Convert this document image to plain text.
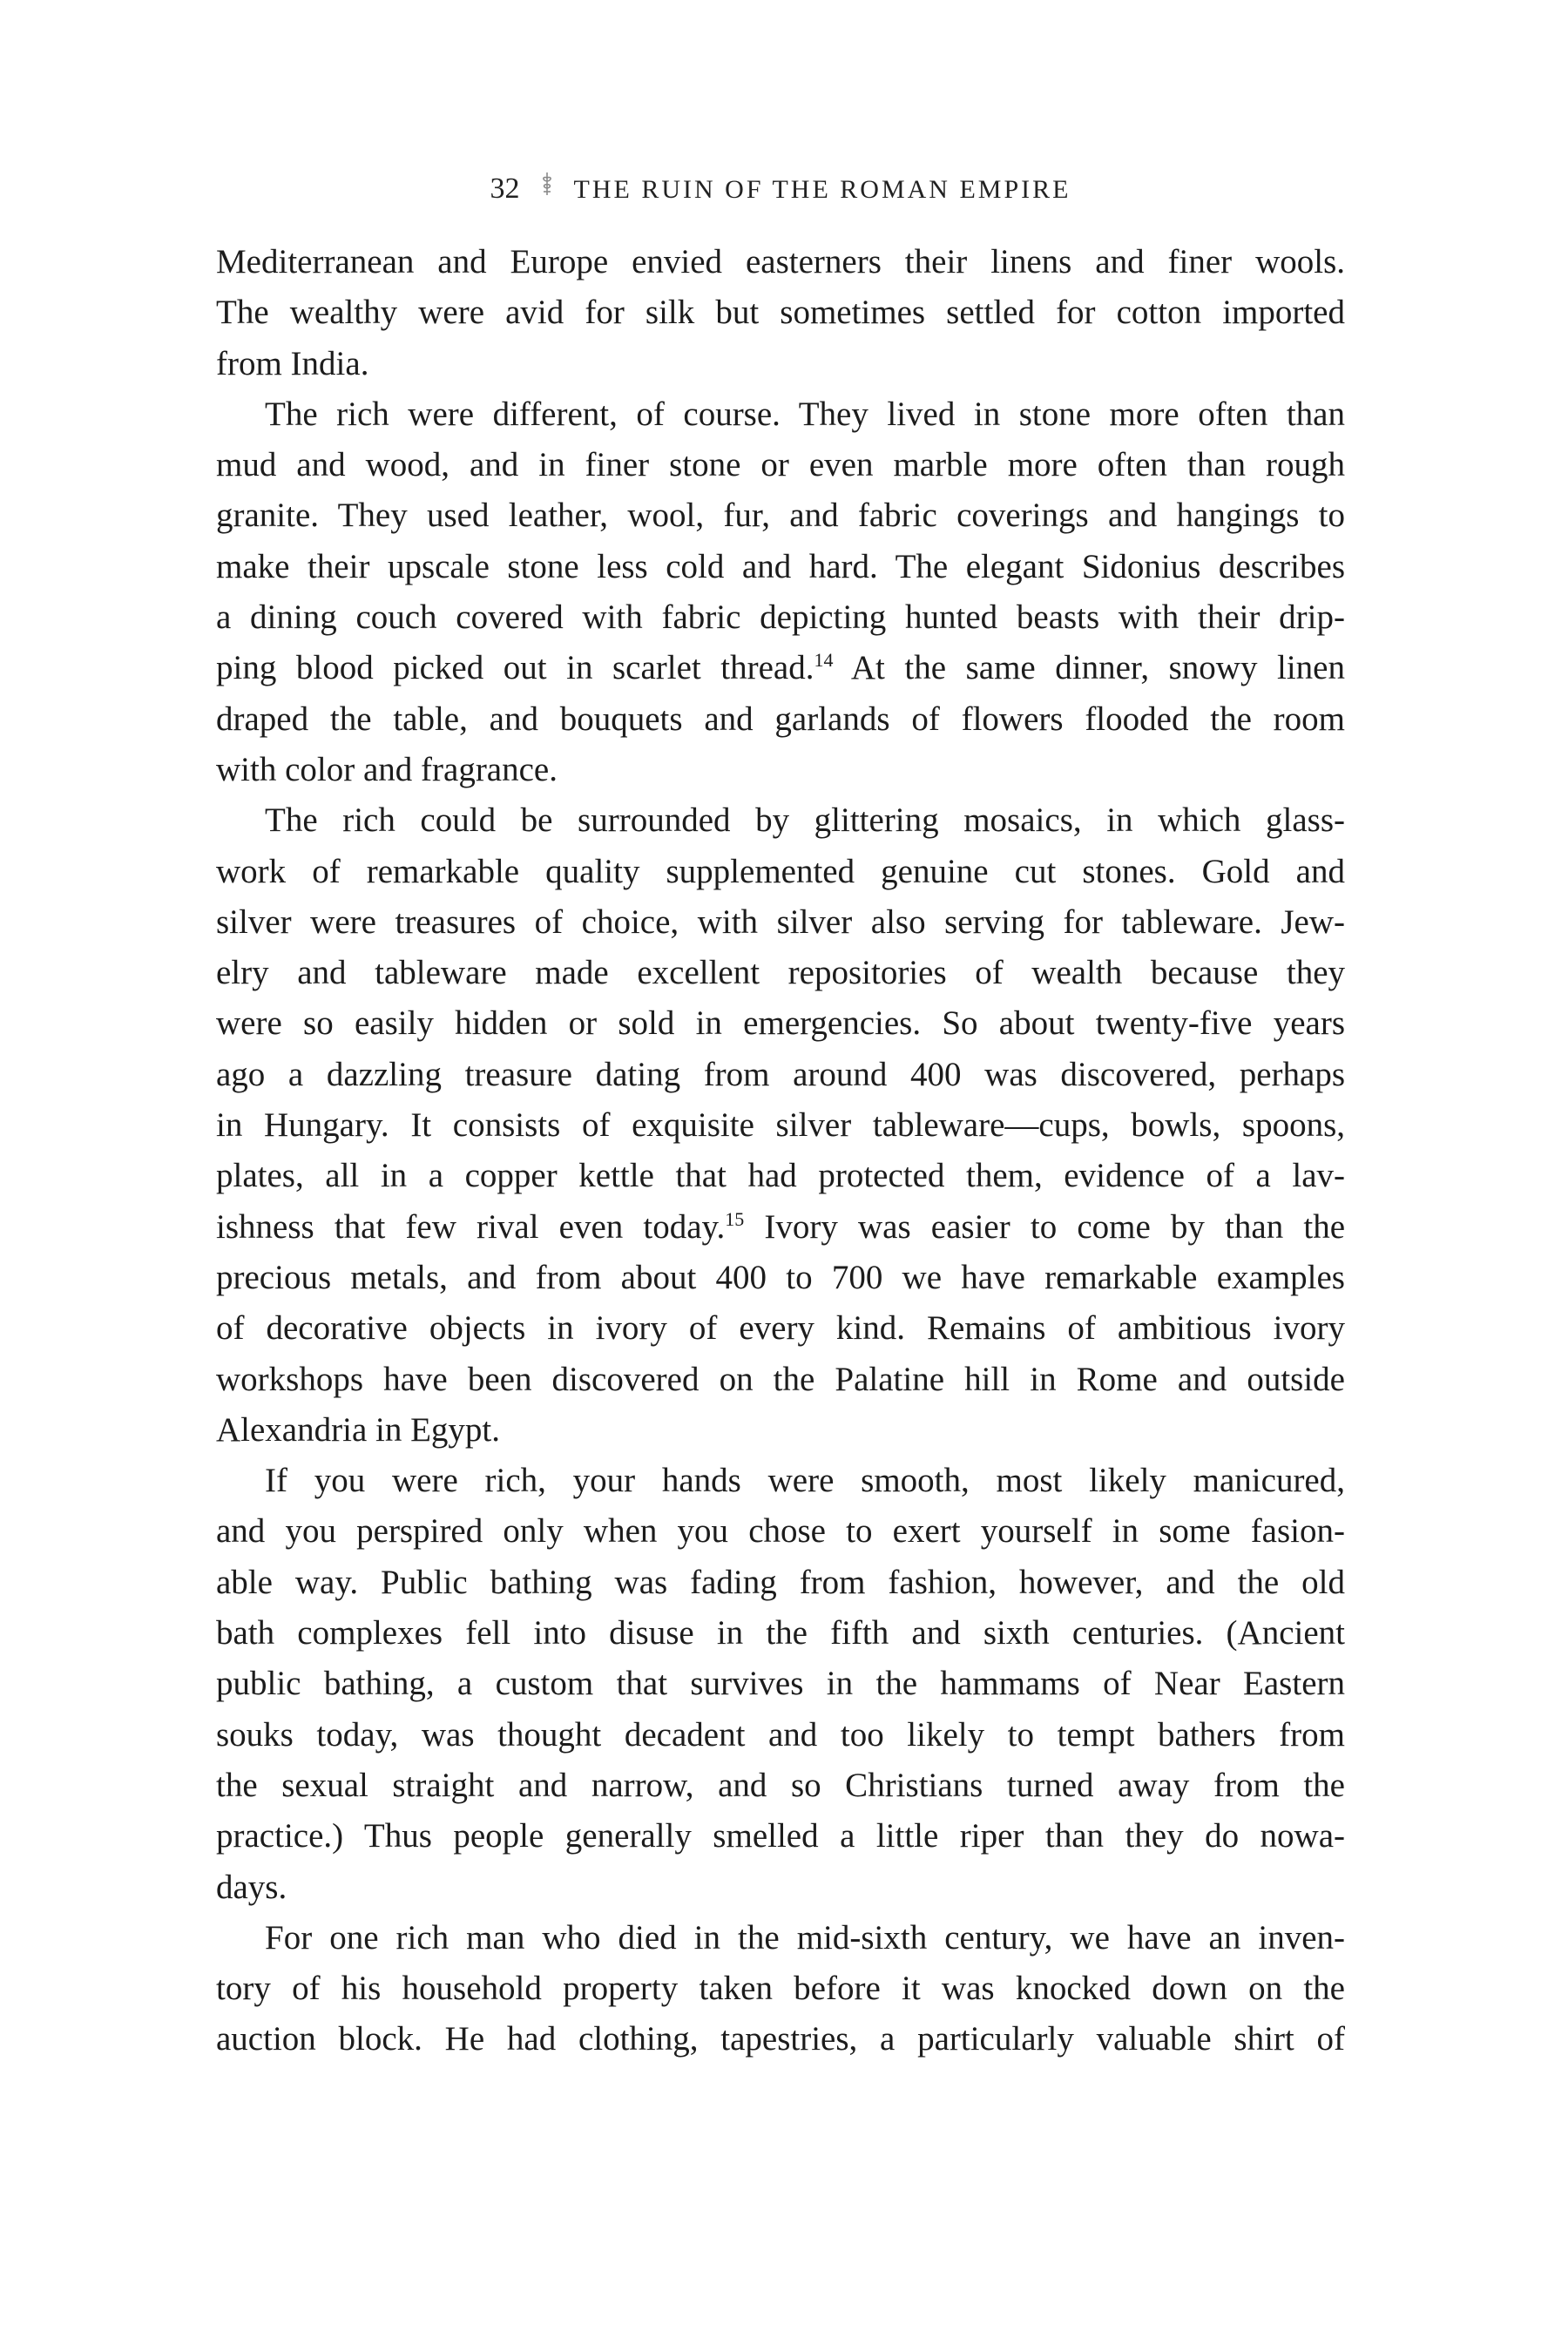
32 THE RUIN OF THE ROMAN EMPIRE

Mediterranean and Europe envied easterners their linens and finer wools.
The wealthy were avid for silk but sometimes settled for cotton imported
from India.

The rich were different, of course. They lived in stone more often than
mud and wood, and in finer stone or even marble more often than rough
granite. They used leather, wool, fur, and fabric coverings and hangings to
make their upscale stone less cold and hard. The elegant Sidonius describes
a dining couch covered with fabric depicting hunted beasts with their drip-
ping blood picked out in scarlet thread.$^{14}$ At the same dinner, snowy linen
draped the table, and bouquets and garlands of flowers flooded the room
with color and fragrance.

The rich could be surrounded by glittering mosaics, in which glass-
work of remarkable quality supplemented genuine cut stones. Gold and
silver were treasures of choice, with silver also serving for tableware. Jew-
elry and tableware made excellent repositories of wealth because they
were so easily hidden or sold in emergencies. So about twenty-five years
ago a dazzling treasure dating from around 400 was discovered, perhaps
in Hungary. It consists of exquisite silver tableware—cups, bowls, spoons,
plates, all in a copper kettle that had protected them, evidence of a lav-
ishness that few rival even today.$^{15}$ Ivory was easier to come by than the
precious metals, and from about 400 to 700 we have remarkable examples
of decorative objects in ivory of every kind. Remains of ambitious ivory
workshops have been discovered on the Palatine hill in Rome and outside
Alexandria in Egypt.

If you were rich, your hands were smooth, most likely manicured,
and you perspired only when you chose to exert yourself in some fasion-
able way. Public bathing was fading from fashion, however, and the old
bath complexes fell into disuse in the fifth and sixth centuries. (Ancient
public bathing, a custom that survives in the hammams of Near Eastern
souks today, was thought decadent and too likely to tempt bathers from
the sexual straight and narrow, and so Christians turned away from the
practice.) Thus people generally smelled a little riper than they do nowa-
days.

For one rich man who died in the mid-sixth century, we have an inven-
tory of his household property taken before it was knocked down on the
auction block. He had clothing, tapestries, a particularly valuable shirt of
